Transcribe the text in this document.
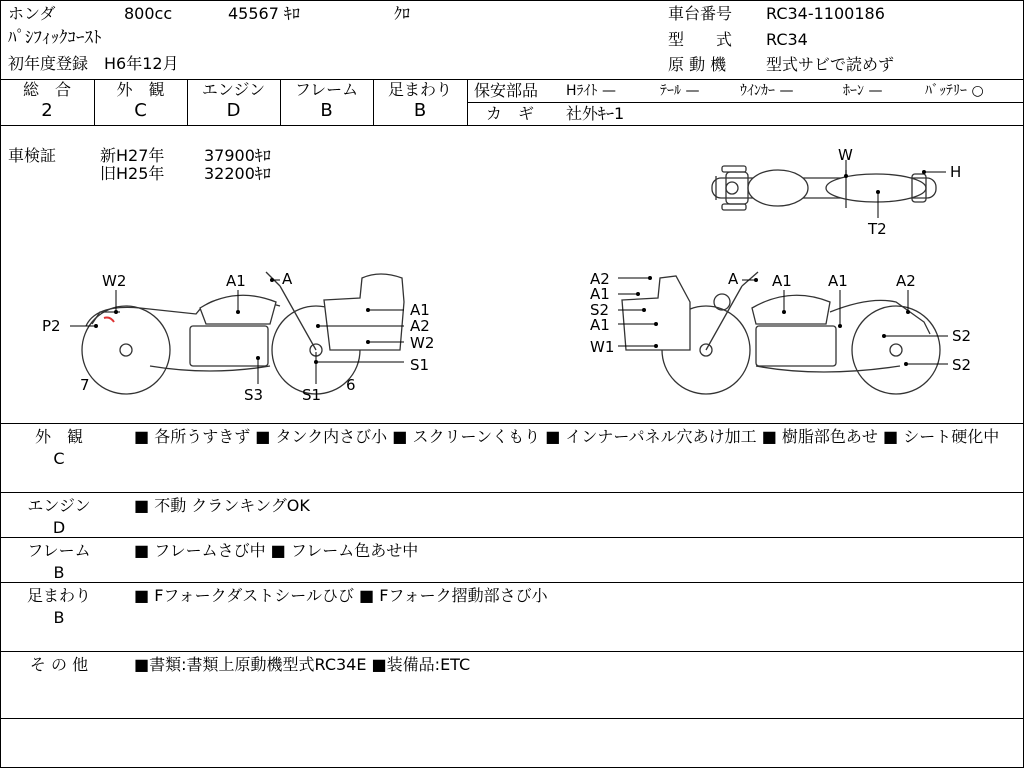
ホンダ	800cc	45567 ｷﾛ	ｸﾛ
ﾊﾟｼﾌｨｯｸｺｰｽﾄ
初年度登録 H6年12月
車台番号 RC34-1100186
型　　式 RC34
原 動 機 型式サビで読めず
総　合
2
外　観
C
エンジン
D
フレーム
B
足まわり
B
保安部品 Hﾗｲﾄ —	ﾃｰﾙ —	ｳｲﾝｶｰ —	ﾎｰﾝ —	ﾊﾞｯﾃﾘｰ ○
カ　ギ 社外ｷｰ1
車検証	新H27年 37900ｷﾛ
旧H25年 32200ｷﾛ
W
H
T2
W2	A1 A
P2
A1
A2
W2
S1
7
S3	S1
6
A2	A A1 A1	A2
A1
S2
A1
W1
S2
S2
外　観
C
■ 各所うすきず ■ タンク内さび小 ■ スクリーンくもり ■ インナーパネル穴あけ加工 ■ 樹脂部色あせ ■ シート硬化中
エンジン
D
■ 不動 クランキングOK
フレーム
B
■ フレームさび中 ■ フレーム色あせ中
足まわり
B
■ Fフォークダストシールひび ■ Fフォーク摺動部さび小
そ の 他	■書類:書類上原動機型式RC34E ■装備品:ETC
